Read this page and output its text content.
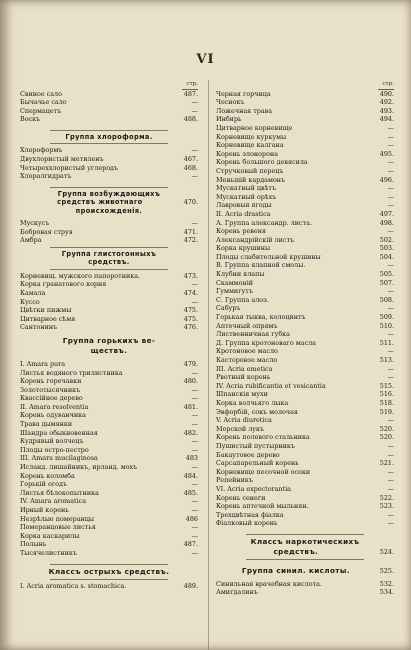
VI
стр.
Свиное сало	487.
Бычачье сало	—
Спермацетъ	—
Воскъ	488.
Группа хлороформа.
Хлороформъ	—
Двухлористый метиленъ	467.
Четыреххлористый углеродъ	468.
Хлоралгидратъ	—
Группа возбуждающихъ
средствъ животнаго	470.
происхожденія.
Мускусъ	—
Бобровая струя	471.
Амбра	472.
Группа глистогонныхъ
средствъ.
Корневищ. мужского папоротника.	473.
Корка гранатового корня	—
Камала	474.
Куссо	—
Цвѣтки пижмы	475.
Цитварное сѣмя	475.
Сантонинъ	476.
Группа горькихъ ве-
ществъ.
I. Amara pura	479.
Листья водяного трилистника	—
Корень горечавки	480.
Золототысячникъ	—
Квассійное дерево	—
II. Amara resolventia	481.
Корень одуванчика	—
Трава дымянки	—
Шандра обыкновенная	482.
Кудрявый волчецъ	—
Плоды остро-пестро	—
III. Amara mucilaginosa	483
Исланд. лишайникъ, ирланд. мохъ	—
Корень коломба	484.
Горькій огодъ	—
Листья бѣлокопытника	485.
IV. Amara aromatica	—
Ирный корень	—
Незрѣлые померанцы	486
Померанцовые листья	—
Корка каскарилы	—
Полынь	487.
Тысячелистникъ	—
Классъ острыхъ средствъ.
I. Acria aromatica s. stomachica.	489.
стр.
Черная горчица	490.
Чеснокъ	492.
Ложечная трава	493.
Инбирь	494.
Цитварное корневище	—
Корневище куркумы	—
Корневище калгана	—
Корень элонорона	495.
Корень большого девясила	—
Стручковый перецъ	—
Меньшій кардамонъ	496.
Мускатный цвѣтъ	—
Мускатный орѣхъ	—
Лавровыя ягоды	—
II. Acria drastica	497.
А. Группа александр. листа.	498.
Корень ревеня	—
Александрійскій листъ	502.
Корка крушины	503.
Плоды слабительной крушины	504.
В. Группа ялапной смолы.	—
Клубни ялапы	505.
Скаммоній	507.
Гуммигутъ	—
С. Группа алоэ.	508.
Сабуръ	—
Горькая тыква, колоцинтъ	509.
Аптечный опрямъ	510.
Лиственничная губка	—
Д. Группа кротоноваго масла	511.
Кротоновое масло	—
Касторовое масло	513.
III. Acria emetica	—
Рвотный корень	—
IV. Acria rubificantia et vesicantia	515.
Шпанскія мухи	516.
Корка волчьяго лыка	518.
Эвфорбій, сокъ молочая	519.
V. Acria diuretica	—
Морской лукъ	520.
Корень полевого стальника	520.
Пушистый пустырникъ	—
Бакаутовое дерево	—
Сарсапарельный корень	521.
Корневище песочной осоки	—
Репейникъ	—
VI. Acria expectorantia	—
Корень сенеги	522.
Корень аптечной мыльнян.	523.
Трехцвѣтная фіалка	—
Фіалковый корень	—
Классъ наркотическихъ
средствъ.	524.
Группа синил. кислоты.	525.
Синильная врачебная кислота.	532.
Амигдалинъ	534.
